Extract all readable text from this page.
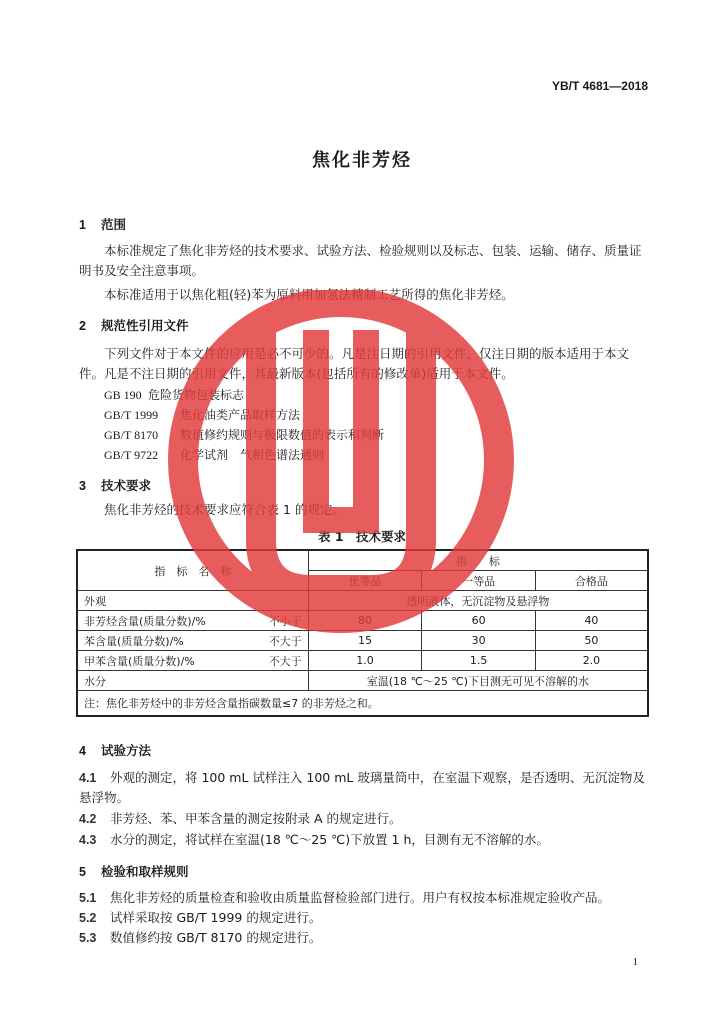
YB/T 4681—2018
焦化非芳烃
1 范围
本标准规定了焦化非芳烃的技术要求、试验方法、检验规则以及标志、包装、运输、储存、质量证明书及安全注意事项。
本标准适用于以焦化粗(轻)苯为原料用加氢法精制工艺所得的焦化非芳烃。
2 规范性引用文件
下列文件对于本文件的应用是必不可少的。凡是注日期的引用文件，仅注日期的版本适用于本文件。凡是不注日期的引用文件，其最新版本(包括所有的修改单)适用于本文件。
GB 190 危险货物包装标志
GB/T 1999 焦化油类产品取样方法
GB/T 8170 数值修约规则与极限数值的表示和判断
GB/T 9722 化学试剂　气相色谱法通则
3 技术要求
焦化非芳烃的技术要求应符合表 1 的规定。
表 1　技术要求
指　标　名　称		指　　标		
		优等品	一等品	合格品
外观		透明液体，无沉淀物及悬浮物		
非芳烃含量(质量分数)/%	不小于	80	60	40
苯含量(质量分数)/%	不大于	15	30	50
甲苯含量(质量分数)/%	不大于	1.0	1.5	2.0
水分		室温(18 ℃～25 ℃)下目测无可见不溶解的水		
注：焦化非芳烃中的非芳烃含量指碳数量≤7 的非芳烃之和。				
4 试验方法
4.1 外观的测定，将 100 mL 试样注入 100 mL 玻璃量筒中，在室温下观察，是否透明、无沉淀物及悬浮物。
4.2 非芳烃、苯、甲苯含量的测定按附录 A 的规定进行。
4.3 水分的测定，将试样在室温(18 ℃～25 ℃)下放置 1 h，目测有无不溶解的水。
5 检验和取样规则
5.1 焦化非芳烃的质量检查和验收由质量监督检验部门进行。用户有权按本标准规定验收产品。
5.2 试样采取按 GB/T 1999 的规定进行。
5.3 数值修约按 GB/T 8170 的规定进行。
1
